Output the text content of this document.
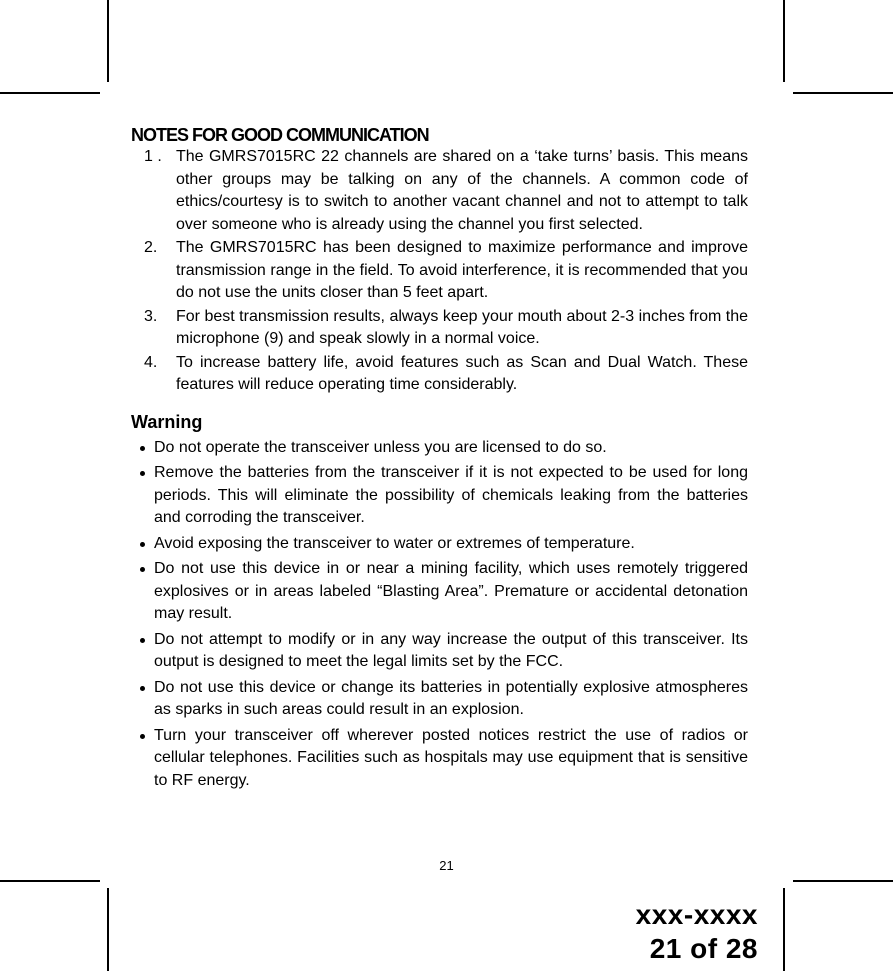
NOTES FOR GOOD COMMUNICATION
1 . The GMRS7015RC 22 channels are shared on a ‘take turns’ basis. This means other groups may be talking on any of the channels. A common code of ethics/courtesy is to switch to another vacant channel and not to attempt to talk over someone who is already using the channel you first selected.
2.	The GMRS7015RC has been designed to maximize performance and improve transmission range in the field. To avoid interference, it is recommended that you do not use the units closer than 5 feet apart.
3.	For best transmission results, always keep your mouth about 2-3 inches from the microphone (9) and speak slowly in a normal voice.
4.	To increase battery life, avoid features such as Scan and Dual Watch. These features will reduce operating time considerably.
Warning
Do not operate the transceiver unless you are licensed to do so.
Remove the batteries from the transceiver if it is not expected to be used for long periods. This will eliminate the possibility of chemicals leaking from the batteries and corroding the transceiver.
Avoid exposing the transceiver to water or extremes of temperature.
Do not use this device in or near a mining facility, which uses remotely triggered explosives or in areas labeled “Blasting Area”. Premature or accidental detonation may result.
Do not attempt to modify or in any way increase the output of this transceiver. Its output is designed to meet the legal limits set by the FCC.
Do not use this device or change its batteries in potentially explosive atmospheres as sparks in such areas could result in an explosion.
Turn your transceiver off wherever posted notices restrict the use of radios or cellular telephones. Facilities such as hospitals may use equipment that is sensitive to RF energy.
21
xxx-xxxx
21 of 28
